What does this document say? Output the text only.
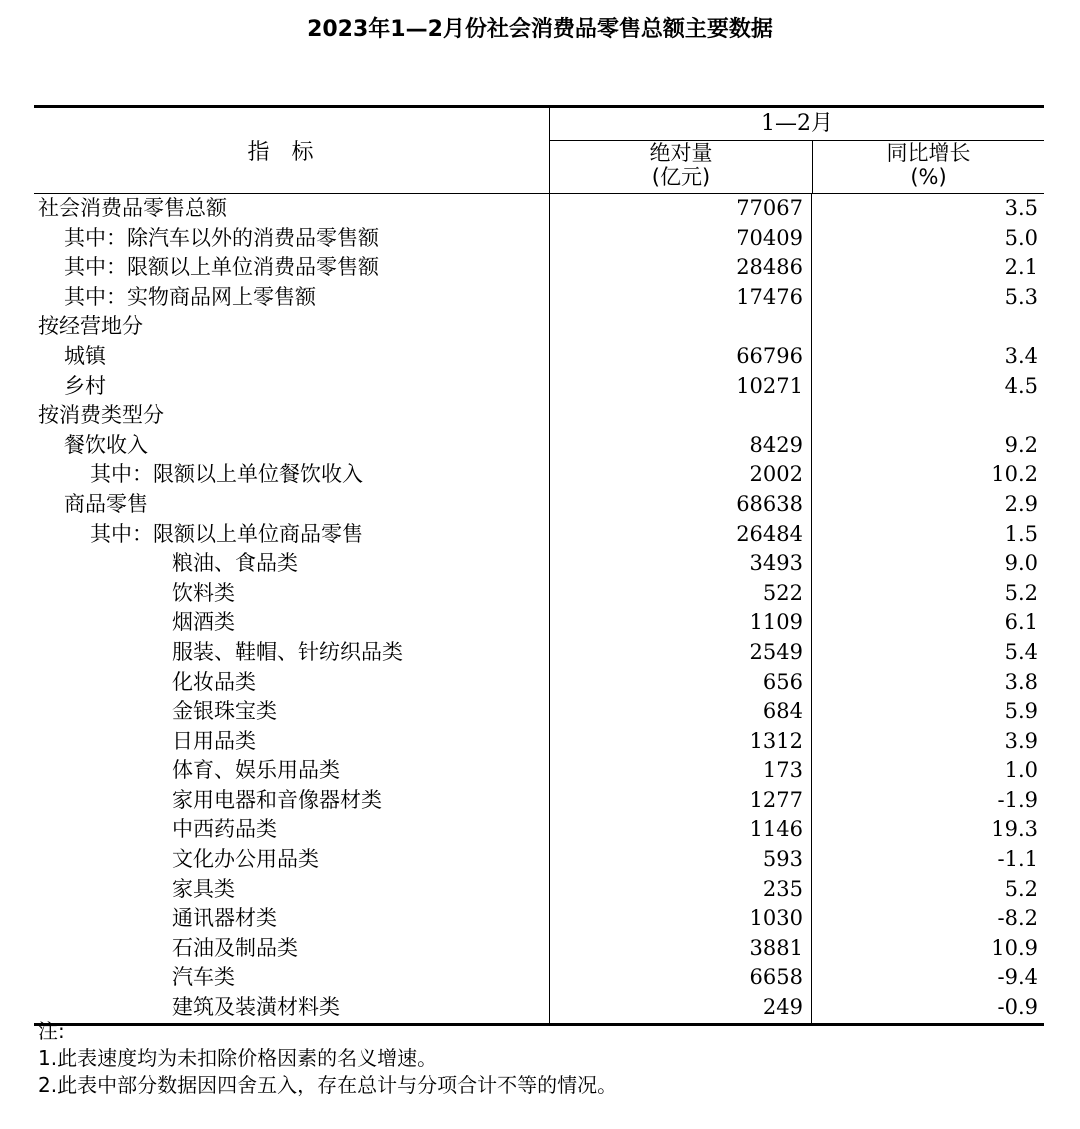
2023年1—2月份社会消费品零售总额主要数据
指标
1—2月
绝对量
(亿元)
同比增长
(%)
社会消费品零售总额	77067	3.5
其中：除汽车以外的消费品零售额	70409	5.0
其中：限额以上单位消费品零售额	28486	2.1
其中：实物商品网上零售额	17476	5.3
按经营地分
城镇	66796	3.4
乡村	10271	4.5
按消费类型分
餐饮收入	8429	9.2
其中：限额以上单位餐饮收入	2002	10.2
商品零售	68638	2.9
其中：限额以上单位商品零售	26484	1.5
粮油、食品类	3493	9.0
饮料类	522	5.2
烟酒类	1109	6.1
服装、鞋帽、针纺织品类	2549	5.4
化妆品类	656	3.8
金银珠宝类	684	5.9
日用品类	1312	3.9
体育、娱乐用品类	173	1.0
家用电器和音像器材类	1277	-1.9
中西药品类	1146	19.3
文化办公用品类	593	-1.1
家具类	235	5.2
通讯器材类	1030	-8.2
石油及制品类	3881	10.9
汽车类	6658	-9.4
建筑及装潢材料类	249	-0.9
注:
1.此表速度均为未扣除价格因素的名义增速。
2.此表中部分数据因四舍五入，存在总计与分项合计不等的情况。
